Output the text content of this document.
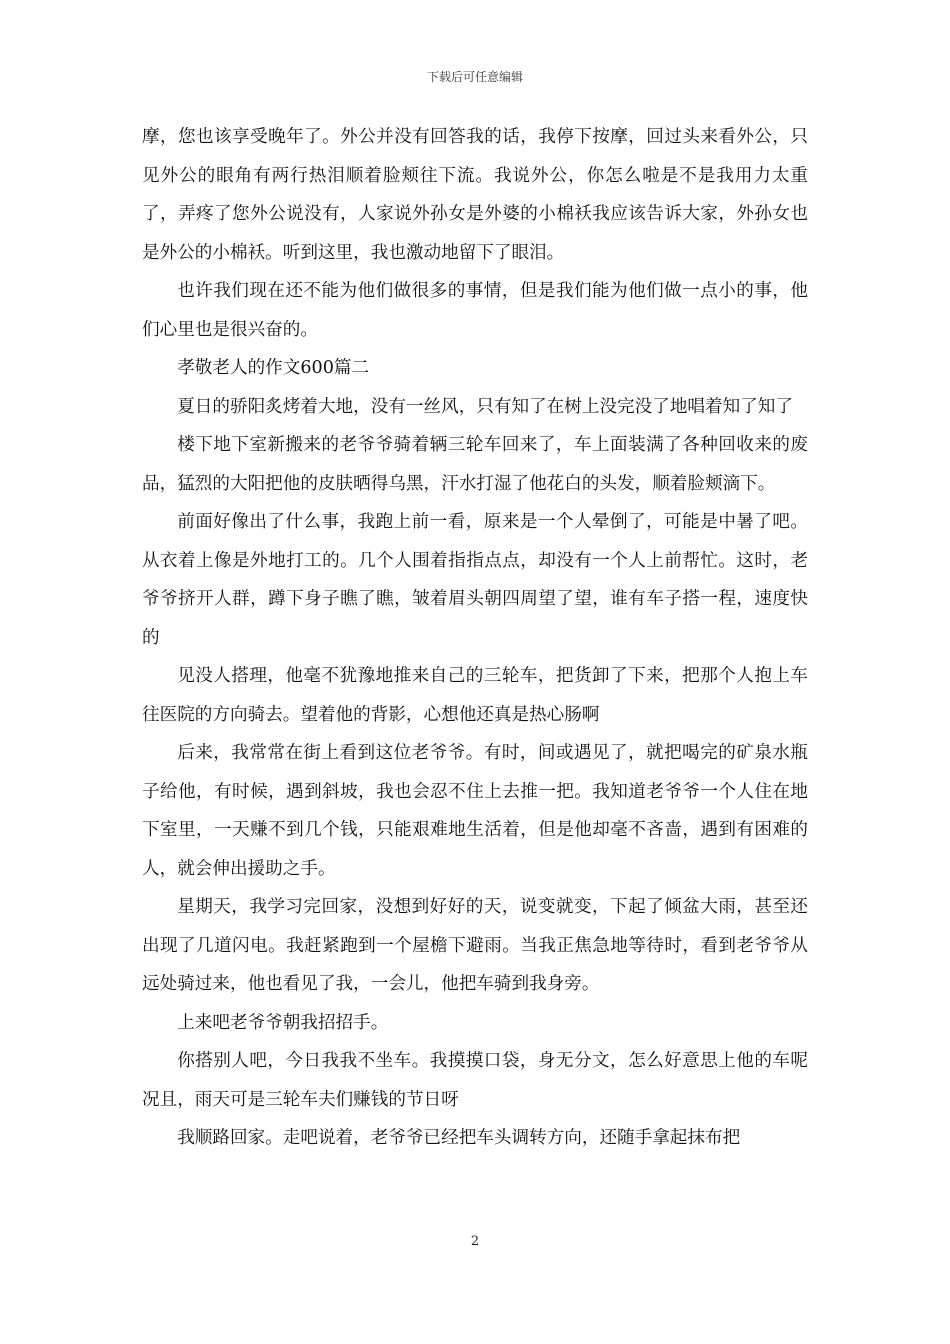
下载后可任意编辑

摩，您也该享受晚年了。外公并没有回答我的话，我停下按摩，回过头来看外公，只见外公的眼角有两行热泪顺着脸颊往下流。我说外公，你怎么啦是不是我用力太重了，弄疼了您外公说没有，人家说外孙女是外婆的小棉袄我应该告诉大家，外孙女也是外公的小棉袄。听到这里，我也激动地留下了眼泪。

也许我们现在还不能为他们做很多的事情，但是我们能为他们做一点小的事，他们心里也是很兴奋的。

孝敬老人的作文600篇二

夏日的骄阳炙烤着大地，没有一丝风，只有知了在树上没完没了地唱着知了知了

楼下地下室新搬来的老爷爷骑着辆三轮车回来了，车上面装满了各种回收来的废品，猛烈的大阳把他的皮肤晒得乌黑，汗水打湿了他花白的头发，顺着脸颊滴下。

前面好像出了什么事，我跑上前一看，原来是一个人晕倒了，可能是中暑了吧。从衣着上像是外地打工的。几个人围着指指点点，却没有一个人上前帮忙。这时，老爷爷挤开人群，蹲下身子瞧了瞧，皱着眉头朝四周望了望，谁有车子搭一程，速度快的

见没人搭理，他毫不犹豫地推来自己的三轮车，把货卸了下来，把那个人抱上车往医院的方向骑去。望着他的背影，心想他还真是热心肠啊

后来，我常常在街上看到这位老爷爷。有时，间或遇见了，就把喝完的矿泉水瓶子给他，有时候，遇到斜坡，我也会忍不住上去推一把。我知道老爷爷一个人住在地下室里，一天赚不到几个钱，只能艰难地生活着，但是他却毫不吝啬，遇到有困难的人，就会伸出援助之手。

星期天，我学习完回家，没想到好好的天，说变就变，下起了倾盆大雨，甚至还出现了几道闪电。我赶紧跑到一个屋檐下避雨。当我正焦急地等待时，看到老爷爷从远处骑过来，他也看见了我，一会儿，他把车骑到我身旁。

上来吧老爷爷朝我招招手。

你搭别人吧，今日我我不坐车。我摸摸口袋，身无分文，怎么好意思上他的车呢况且，雨天可是三轮车夫们赚钱的节日呀

我顺路回家。走吧说着，老爷爷已经把车头调转方向，还随手拿起抹布把

2
